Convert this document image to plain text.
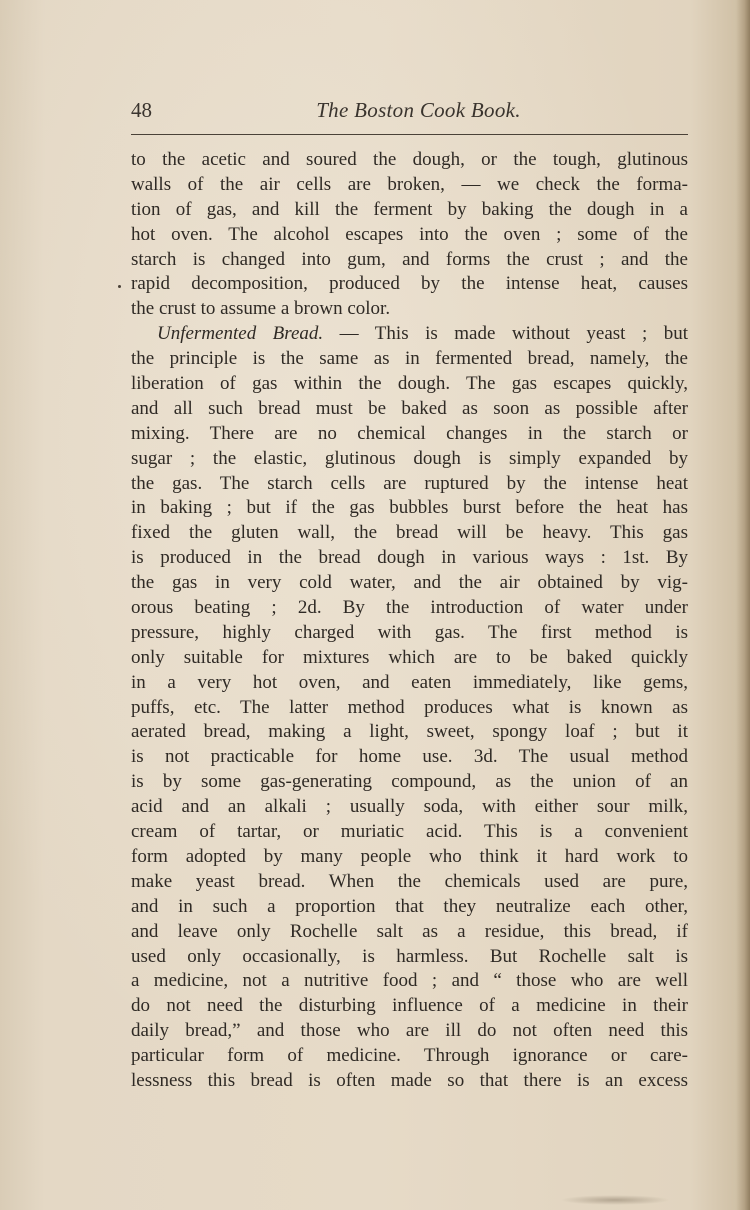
48	The Boston Cook Book.
to the acetic and soured the dough, or the tough, glutinous
walls of the air cells are broken, — we check the forma-
tion of gas, and kill the ferment by baking the dough in a
hot oven. The alcohol escapes into the oven ; some of the
starch is changed into gum, and forms the crust ; and the
rapid decomposition, produced by the intense heat, causes
the crust to assume a brown color.
Unfermented Bread. — This is made without yeast ; but
the principle is the same as in fermented bread, namely, the
liberation of gas within the dough. The gas escapes quickly,
and all such bread must be baked as soon as possible after
mixing. There are no chemical changes in the starch or
sugar ; the elastic, glutinous dough is simply expanded by
the gas. The starch cells are ruptured by the intense heat
in baking ; but if the gas bubbles burst before the heat has
fixed the gluten wall, the bread will be heavy. This gas
is produced in the bread dough in various ways : 1st. By
the gas in very cold water, and the air obtained by vig-
orous beating ; 2d. By the introduction of water under
pressure, highly charged with gas. The first method is
only suitable for mixtures which are to be baked quickly
in a very hot oven, and eaten immediately, like gems,
puffs, etc. The latter method produces what is known as
aerated bread, making a light, sweet, spongy loaf ; but it
is not practicable for home use. 3d. The usual method
is by some gas-generating compound, as the union of an
acid and an alkali ; usually soda, with either sour milk,
cream of tartar, or muriatic acid. This is a convenient
form adopted by many people who think it hard work to
make yeast bread. When the chemicals used are pure,
and in such a proportion that they neutralize each other,
and leave only Rochelle salt as a residue, this bread, if
used only occasionally, is harmless. But Rochelle salt is
a medicine, not a nutritive food ; and “ those who are well
do not need the disturbing influence of a medicine in their
daily bread,” and those who are ill do not often need this
particular form of medicine. Through ignorance or care-
lessness this bread is often made so that there is an excess
